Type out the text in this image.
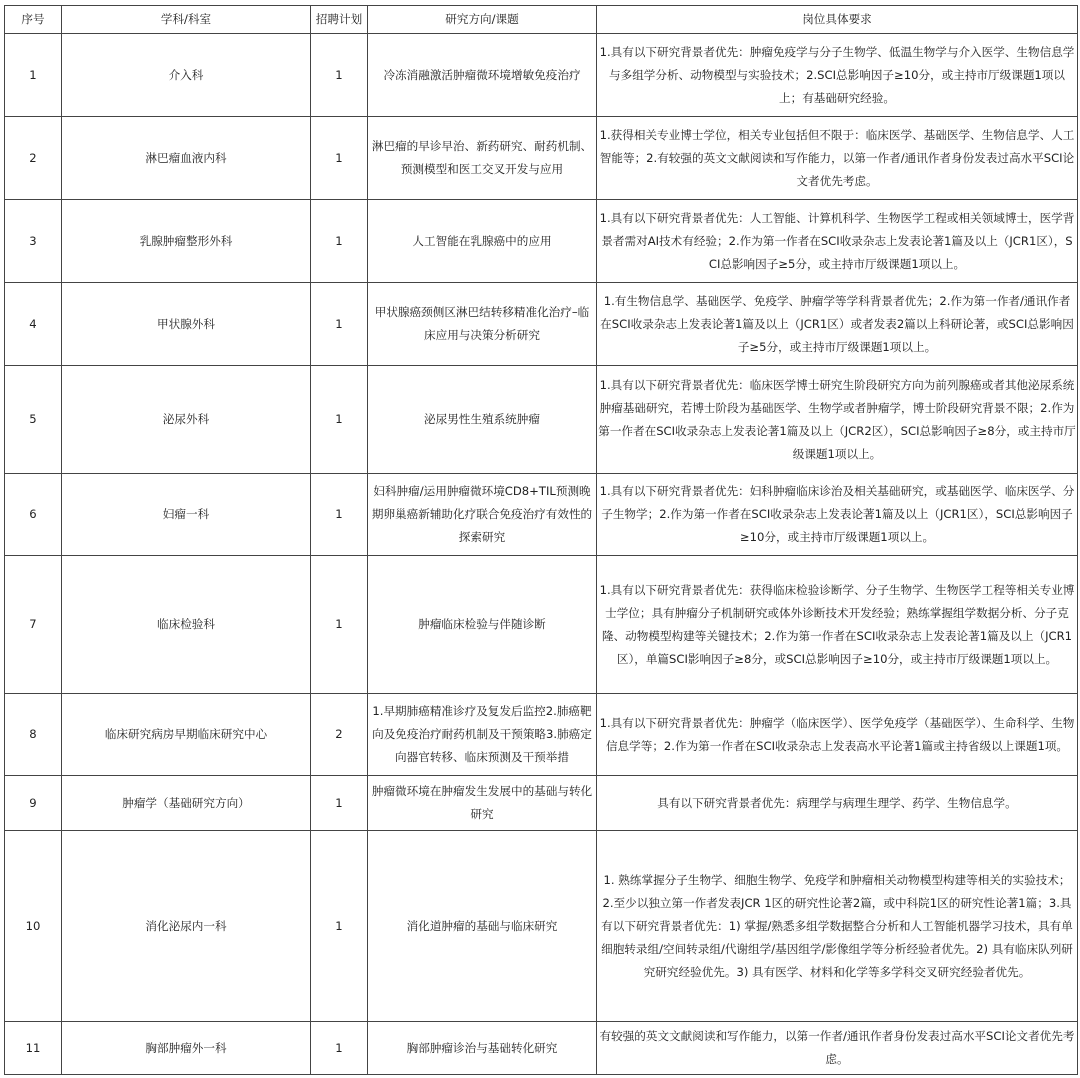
序号	学科/科室	招聘计划	研究方向/课题	岗位具体要求
1	介入科	1	冷冻消融激活肿瘤微环境增敏免疫治疗	1.具有以下研究背景者优先：肿瘤免疫学与分子生物学、低温生物学与介入医学、生物信息学与多组学分析、动物模型与实验技术；2.SCI总影响因子≥10分，或主持市厅级课题1项以上；有基础研究经验。
2	淋巴瘤血液内科	1	淋巴瘤的早诊早治、新药研究、耐药机制、预测模型和医工交叉开发与应用	1.获得相关专业博士学位，相关专业包括但不限于：临床医学、基础医学、生物信息学、人工智能等；2.有较强的英文文献阅读和写作能力，以第一作者/通讯作者身份发表过高水平SCI论文者优先考虑。
3	乳腺肿瘤整形外科	1	人工智能在乳腺癌中的应用	1.具有以下研究背景者优先：人工智能、计算机科学、生物医学工程或相关领域博士，医学背景者需对AI技术有经验；2.作为第一作者在SCI收录杂志上发表论著1篇及以上（JCR1区），SCI总影响因子≥5分，或主持市厅级课题1项以上。
4	甲状腺外科	1	甲状腺癌颈侧区淋巴结转移精准化治疗–临床应用与决策分析研究	1.有生物信息学、基础医学、免疫学、肿瘤学等学科背景者优先；2.作为第一作者/通讯作者在SCI收录杂志上发表论著1篇及以上（JCR1区）或者发表2篇以上科研论著，或SCI总影响因子≥5分，或主持市厅级课题1项以上。
5	泌尿外科	1	泌尿男性生殖系统肿瘤	1.具有以下研究背景者优先：临床医学博士研究生阶段研究方向为前列腺癌或者其他泌尿系统肿瘤基础研究，若博士阶段为基础医学、生物学或者肿瘤学，博士阶段研究背景不限；2.作为第一作者在SCI收录杂志上发表论著1篇及以上（JCR2区），SCI总影响因子≥8分，或主持市厅级课题1项以上。
6	妇瘤一科	1	妇科肿瘤/运用肿瘤微环境CD8+TIL预测晚期卵巢癌新辅助化疗联合免疫治疗有效性的探索研究	1.具有以下研究背景者优先：妇科肿瘤临床诊治及相关基础研究，或基础医学、临床医学、分子生物学；2.作为第一作者在SCI收录杂志上发表论著1篇及以上（JCR1区），SCI总影响因子≥10分，或主持市厅级课题1项以上。
7	临床检验科	1	肿瘤临床检验与伴随诊断	1.具有以下研究背景者优先：获得临床检验诊断学、分子生物学、生物医学工程等相关专业博士学位；具有肿瘤分子机制研究或体外诊断技术开发经验；熟练掌握组学数据分析、分子克隆、动物模型构建等关键技术；2.作为第一作者在SCI收录杂志上发表论著1篇及以上（JCR1区），单篇SCI影响因子≥8分，或SCI总影响因子≥10分，或主持市厅级课题1项以上。
8	临床研究病房早期临床研究中心	2	1.早期肺癌精准诊疗及复发后监控2.肺癌靶向及免疫治疗耐药机制及干预策略3.肺癌定向器官转移、临床预测及干预举措	1.具有以下研究背景者优先：肿瘤学（临床医学）、医学免疫学（基础医学）、生命科学、生物信息学等；2.作为第一作者在SCI收录杂志上发表高水平论著1篇或主持省级以上课题1项。
9	肿瘤学（基础研究方向）	1	肿瘤微环境在肿瘤发生发展中的基础与转化研究	具有以下研究背景者优先：病理学与病理生理学、药学、生物信息学。
10	消化泌尿内一科	1	消化道肿瘤的基础与临床研究	1. 熟练掌握分子生物学、细胞生物学、免疫学和肿瘤相关动物模型构建等相关的实验技术；
2.至少以独立第一作者发表JCR 1区的研究性论著2篇，或中科院1区的研究性论著1篇；3.具有以下研究背景者优先：1) 掌握/熟悉多组学数据整合分析和人工智能机器学习技术，具有单细胞转录组/空间转录组/代谢组学/基因组学/影像组学等分析经验者优先。2) 具有临床队列研究研究经验优先。3) 具有医学、材料和化学等多学科交叉研究经验者优先。
11	胸部肿瘤外一科	1	胸部肿瘤诊治与基础转化研究	有较强的英文文献阅读和写作能力，以第一作者/通讯作者身份发表过高水平SCI论文者优先考虑。
